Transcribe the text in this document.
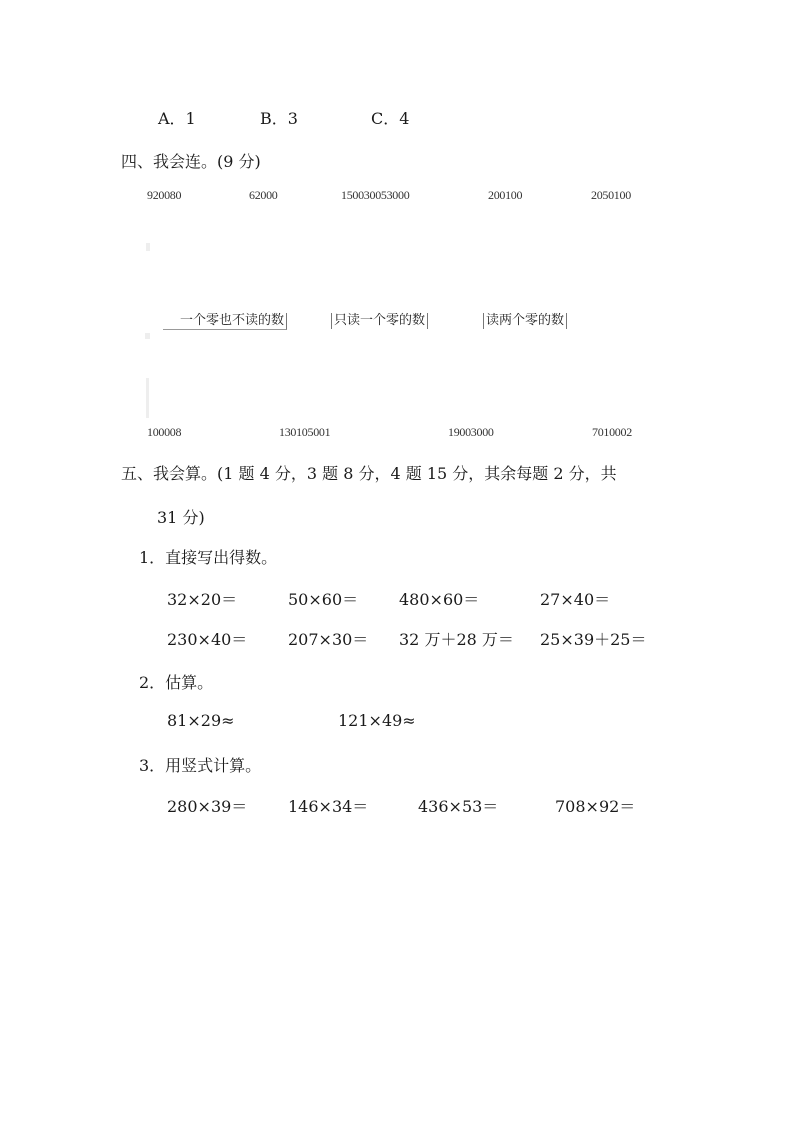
A．1	B．3	C．4
四、我会连。(9 分)
920080	62000	150030053000	200100	2050100
一个零也不读的数	只读一个零的数	读两个零的数
100008	130105001	19003000	7010002
五、我会算。(1 题 4 分，3 题 8 分，4 题 15 分，其余每题 2 分，共
31 分)
1．直接写出得数。
32×20＝	50×60＝	480×60＝	27×40＝
230×40＝	207×30＝ 32 万＋28 万＝ 25×39＋25＝
2．估算。
81×29≈	121×49≈
3．用竖式计算。
280×39＝	146×34＝	436×53＝	708×92＝
